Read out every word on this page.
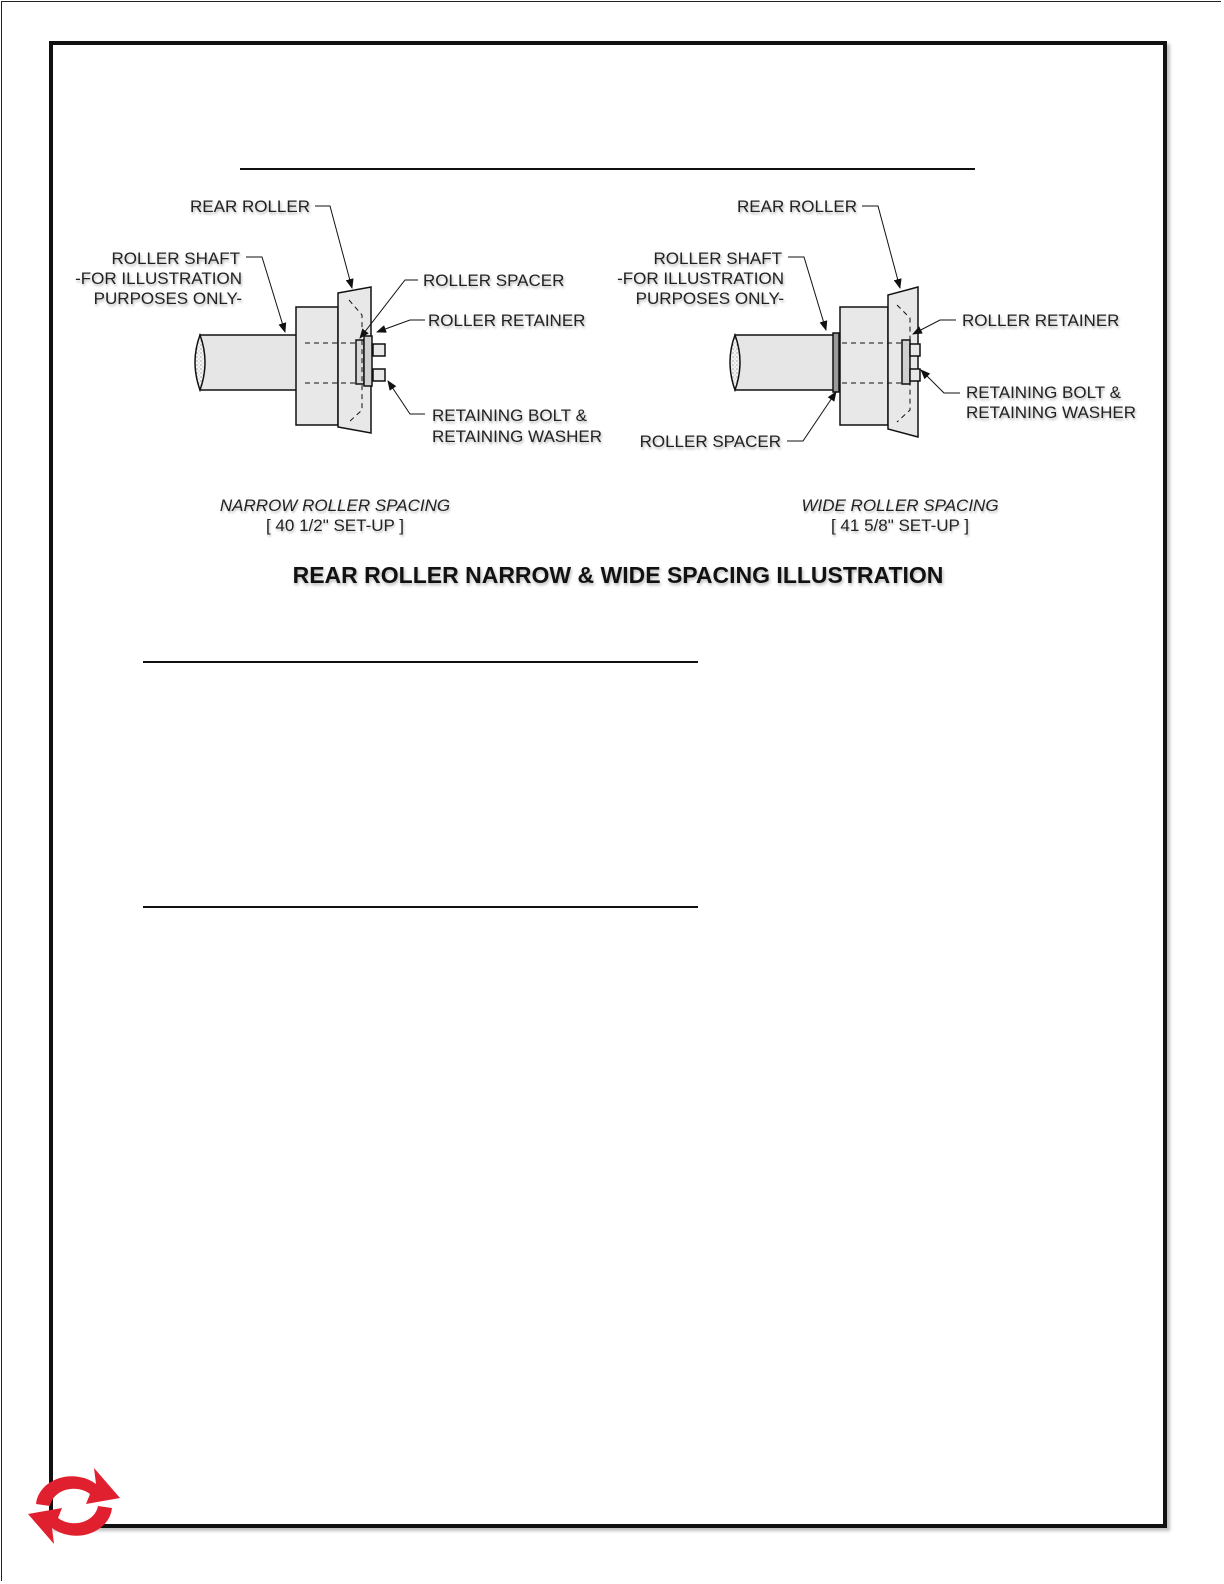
REAR ROLLER
ROLLER SHAFT
-FOR ILLUSTRATION
PURPOSES ONLY-
ROLLER SPACER
ROLLER RETAINER
RETAINING BOLT &
RETAINING WASHER
REAR ROLLER
ROLLER SHAFT
-FOR ILLUSTRATION
PURPOSES ONLY-
ROLLER RETAINER
RETAINING BOLT &
RETAINING WASHER
ROLLER SPACER
NARROW ROLLER SPACING
[ 40 1/2" SET-UP ]
WIDE ROLLER SPACING
[ 41 5/8" SET-UP ]
REAR ROLLER NARROW & WIDE SPACING ILLUSTRATION
